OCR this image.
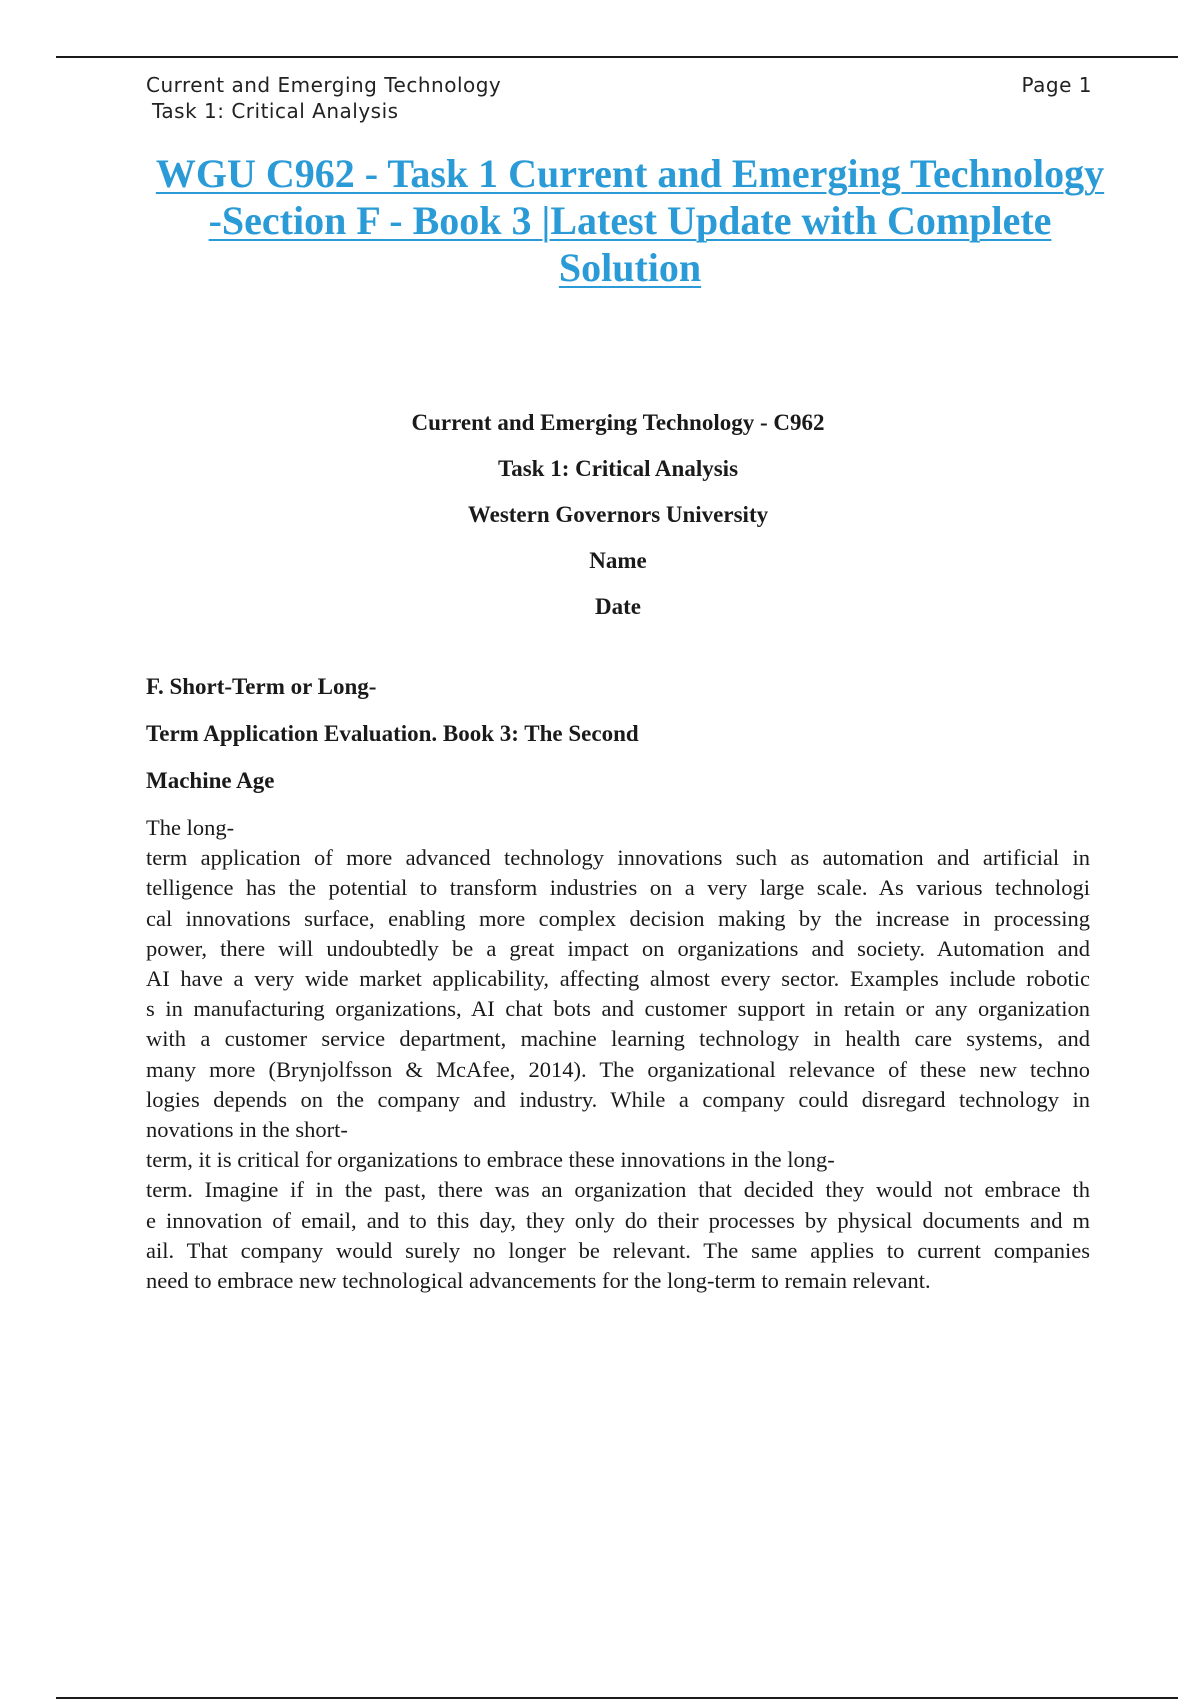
Current and Emerging Technology	Page 1
Task 1: Critical Analysis
WGU C962 - Task 1 Current and Emerging Technology
-Section F - Book 3 |Latest Update with Complete
Solution

Current and Emerging Technology - C962

Task 1: Critical Analysis

Western Governors University

Name

Date

F. Short-Term or Long-

Term Application Evaluation. Book 3: The Second

Machine Age

The long-
term application of more advanced technology innovations such as automation and artificial in
telligence has the potential to transform industries on a very large scale. As various technologi
cal innovations surface, enabling more complex decision making by the increase in processing
power, there will undoubtedly be a great impact on organizations and society. Automation and
AI have a very wide market applicability, affecting almost every sector. Examples include robotic
s in manufacturing organizations, AI chat bots and customer support in retain or any organization
with a customer service department, machine learning technology in health care systems, and
many more (Brynjolfsson & McAfee, 2014). The organizational relevance of these new techno
logies depends on the company and industry. While a company could disregard technology in
novations in the short-
term, it is critical for organizations to embrace these innovations in the long-
term. Imagine if in the past, there was an organization that decided they would not embrace th
e innovation of email, and to this day, they only do their processes by physical documents and m
ail. That company would surely no longer be relevant. The same applies to current companies
need to embrace new technological advancements for the long-term to remain relevant.
